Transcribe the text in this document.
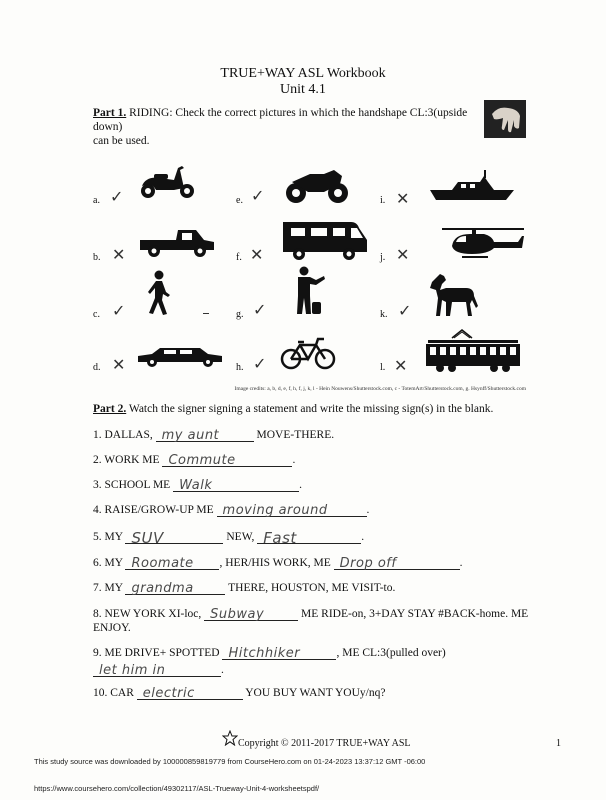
TRUE+WAY ASL Workbook
Unit 4.1
Part 1. RIDING: Check the correct pictures in which the handshape CL:3(upside down)
can be used.
a. ✓
b. ✕
c. ✓
d. ✕
e. ✓
f. ✕
g. ✓
h. ✓
i. ✕
j. ✕
k. ✓
l. ✕
Image credits: a, b, d, e, f, h, f, j, k, l - Hein Nouwens/Shutterstock.com, c - TotemArt/Shutterstock.com, g. Hsynff/Shutterstock.com
Part 2. Watch the signer signing a statement and write the missing sign(s) in the blank.
1. DALLAS, my aunt	MOVE-THERE.
2. WORK ME Commute	.
3. SCHOOL ME Walk	.
4. RAISE/GROW-UP ME moving around	.
5. MY SUV	NEW, Fast	.
6. MY Roomate , HER/HIS WORK, ME Drop off	.
7. MY grandma	THERE, HOUSTON, ME VISIT-to.
8. NEW YORK XI-loc, Subway	ME RIDE-on, 3+DAY STAY #BACK-home. ME
ENJOY.
9. ME DRIVE+ SPOTTED Hitchhiker	, ME CL:3(pulled over)

let him in	.
10. CAR electric	YOU BUY WANT YOUy/nq?
Copyright © 2011-2017 TRUE+WAY ASL	1
This study source was downloaded by 100000859819779 from CourseHero.com on 01-24-2023 13:37:12 GMT -06:00
https://www.coursehero.com/collection/49302117/ASL-Trueway-Unit-4-worksheetspdf/
